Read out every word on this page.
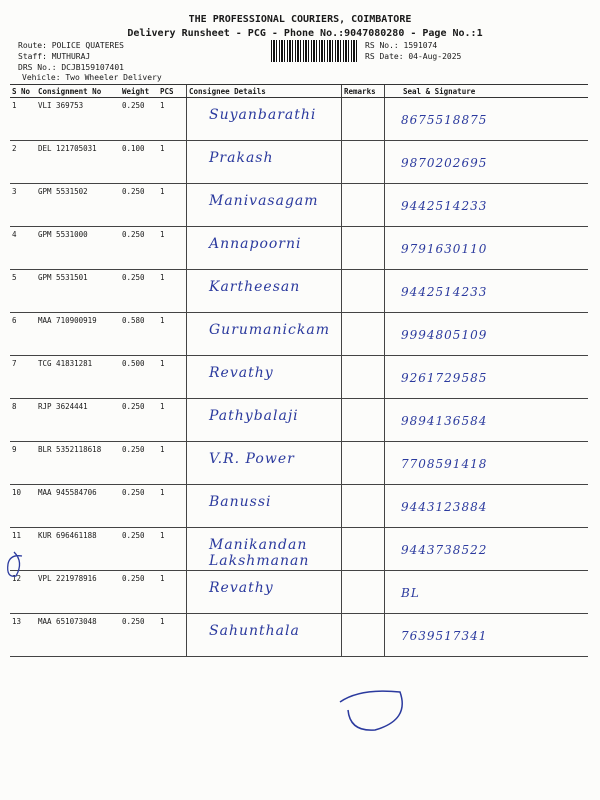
THE PROFESSIONAL COURIERS, COIMBATORE
Delivery Runsheet - PCG - Phone No.:9047080280 - Page No.:1
Route: POLICE QUATERES
Staff: MUTHURAJ
DRS No.: DCJB159107401
Vehicle: Two Wheeler Delivery
RS No.: 1591074
RS Date: 04-Aug-2025
S No	Consignment No	Weight	PCS	Consignee Details	Remarks	Seal & Signature
1	VLI 369753	0.250	1	Suyanbarathi		8675518875
2	DEL 121705031	0.100	1	Prakash		9870202695
3	GPM 5531502	0.250	1	Manivasagam		9442514233
4	GPM 5531000	0.250	1	Annapoorni		9791630110
5	GPM 5531501	0.250	1	Kartheesan		9442514233
6	MAA 710900919	0.580	1	Gurumanickam		9994805109
7	TCG 41831281	0.500	1	Revathy		9261729585
8	RJP 3624441	0.250	1	Pathybalaji		9894136584
9	BLR 5352118618	0.250	1	V.R. Power		7708591418
10	MAA 945584706	0.250	1	Banussi		9443123884
11	KUR 696461188	0.250	1	Manikandan Lakshmanan		9443738522
12	VPL 221978916	0.250	1	Revathy		BL
13	MAA 651073048	0.250	1	Sahunthala		7639517341
